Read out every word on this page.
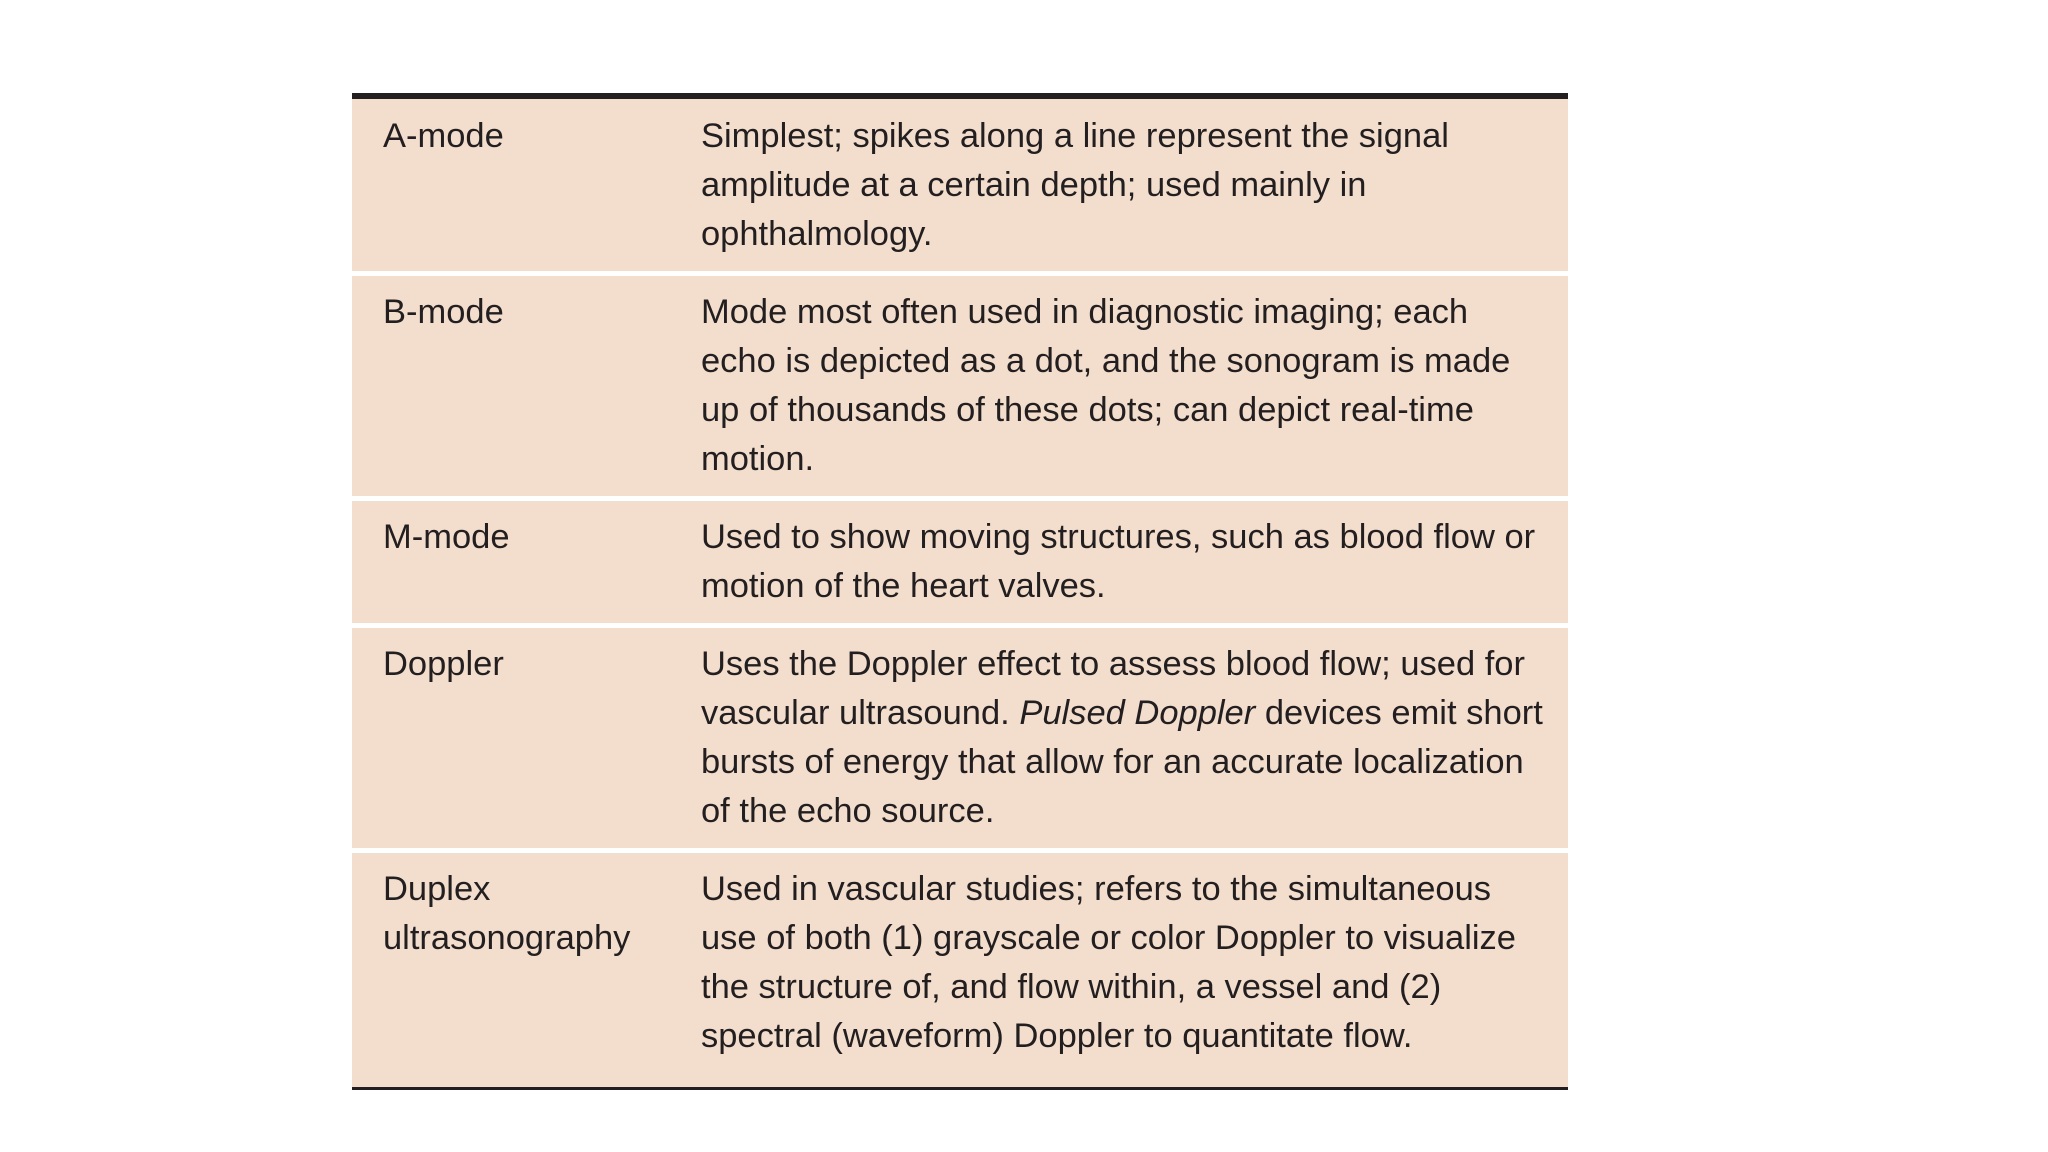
A-mode	Simplest; spikes along a line represent the signal amplitude at a certain depth; used mainly in ophthalmology.
B-mode	Mode most often used in diagnostic imaging; each echo is depicted as a dot, and the sonogram is made up of thousands of these dots; can depict real-time motion.
M-mode	Used to show moving structures, such as blood flow or motion of the heart valves.
Doppler	Uses the Doppler effect to assess blood flow; used for vascular ultrasound. Pulsed Doppler devices emit short bursts of energy that allow for an accurate localization of the echo source.
Duplex ultrasonography	Used in vascular studies; refers to the simultaneous use of both (1) grayscale or color Doppler to visualize the structure of, and flow within, a vessel and (2) spectral (waveform) Doppler to quantitate flow.
